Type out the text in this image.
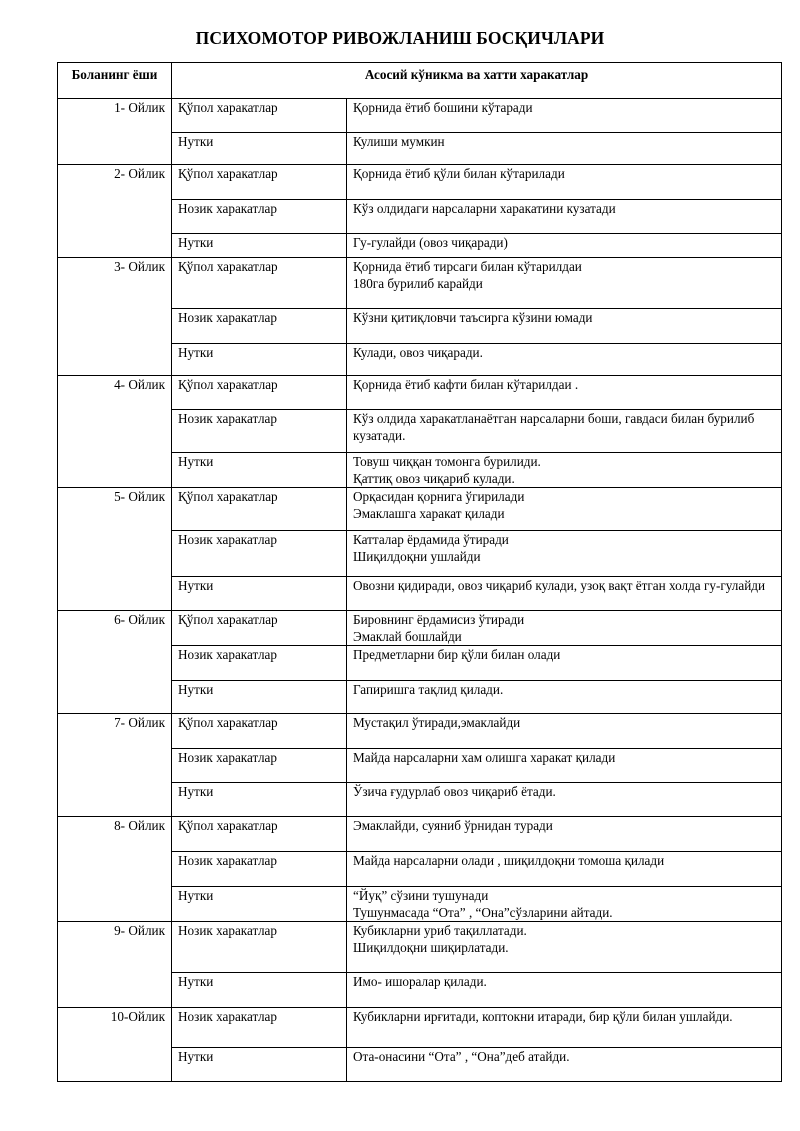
ПСИХОМОТОР РИВОЖЛАНИШ БОСҚИЧЛАРИ
Боланинг ёши	Асосий кўникма ва хатти харакатлар	
1- Ойлик	Қўпол харакатлар	Қорнида ётиб бошини кўтаради

	Нутки	Кулиши мумкин

2- Ойлик	Қўпол харакатлар	Қорнида ётиб қўли билан кўтарилади

	Нозик харакатлар	Кўз олдидаги нарсаларни харакатини кузатади

	Нутки	Гу-гулайди (овоз чиқаради)

3- Ойлик	Қўпол харакатлар	Қорнида ётиб тирсаги билан кўтарилдаи
180га бурилиб карайди

	Нозик харакатлар	Кўзни қитиқловчи таъсирга кўзини юмади

	Нутки	Кулади, овоз чиқаради.

4- Ойлик	Қўпол харакатлар	Қорнида ётиб кафти билан кўтарилдаи .

	Нозик харакатлар	Кўз олдида харакатланаётган нарсаларни боши, гавдаси билан бурилиб кузатади.

	Нутки	Товуш чиққан томонга бурилиди.
Қаттиқ овоз чиқариб кулади.

5- Ойлик	Қўпол харакатлар	Орқасидан қорнига ўгирилади
Эмаклашга харакат қилади

	Нозик харакатлар	Катталар ёрдамида ўтиради
Шиқилдоқни ушлайди

	Нутки	Овозни қидиради, овоз чиқариб кулади, узоқ вақт ётган холда гу-гулайди

6- Ойлик	Қўпол харакатлар	Бировнинг ёрдамисиз ўтиради
Эмаклай бошлайди

	Нозик харакатлар	Предметларни бир қўли билан олади

	Нутки	Гапиришга тақлид қилади.

7- Ойлик	Қўпол харакатлар	Мустақил ўтиради,эмаклайди

	Нозик харакатлар	Майда нарсаларни хам олишга харакат қилади

	Нутки	Ўзича ғудурлаб овоз чиқариб ётади.

8- Ойлик	Қўпол харакатлар	Эмаклайди, суяниб ўрнидан туради

	Нозик харакатлар	Майда нарсаларни олади , шиқилдоқни томоша қилади

	Нутки	“Йуқ” сўзини тушунади
Тушунмасада “Ота” , “Она”сўзларини айтади.

9- Ойлик	Нозик харакатлар	Кубикларни уриб тақиллатади.
Шиқилдоқни шиқирлатади.

	Нутки	Имо- ишоралар қилади.

10-Ойлик	Нозик харакатлар	Кубикларни ирғитади, коптокни итаради, бир қўли билан ушлайди.

	Нутки	Ота-онасини “Ота” , “Она”деб атайди.
